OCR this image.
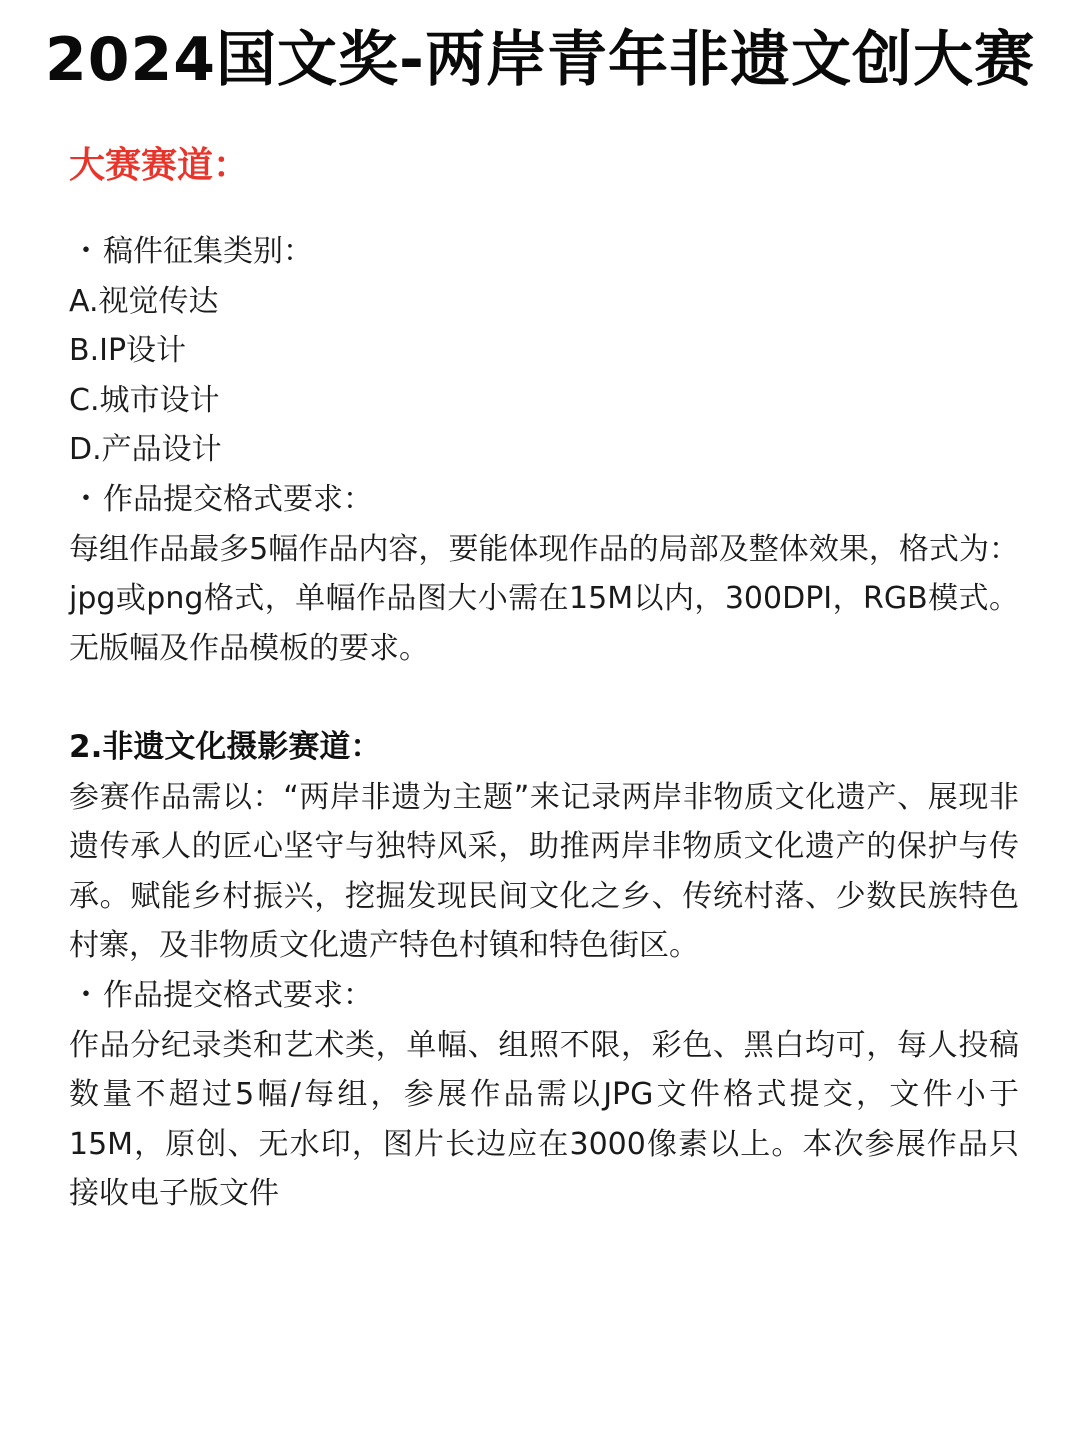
2024国文奖-两岸青年非遗文创大赛
大赛赛道：
・稿件征集类别：
A.视觉传达
B.IP设计
C.城市设计
D.产品设计
・作品提交格式要求：
每组作品最多5幅作品内容，要能体现作品的局部及整体效果，格式为：jpg或png格式，单幅作品图大小需在15M以内，300DPI，RGB模式。无版幅及作品模板的要求。
2.非遗文化摄影赛道：
参赛作品需以：“两岸非遗为主题”来记录两岸非物质文化遗产、展现非遗传承人的匠心坚守与独特风采，助推两岸非物质文化遗产的保护与传承。赋能乡村振兴，挖掘发现民间文化之乡、传统村落、少数民族特色村寨，及非物质文化遗产特色村镇和特色街区。
・作品提交格式要求：
作品分纪录类和艺术类，单幅、组照不限，彩色、黑白均可，每人投稿数量不超过5幅/每组，参展作品需以JPG文件格式提交，文件小于15M，原创、无水印，图片长边应在3000像素以上。本次参展作品只接收电子版文件
